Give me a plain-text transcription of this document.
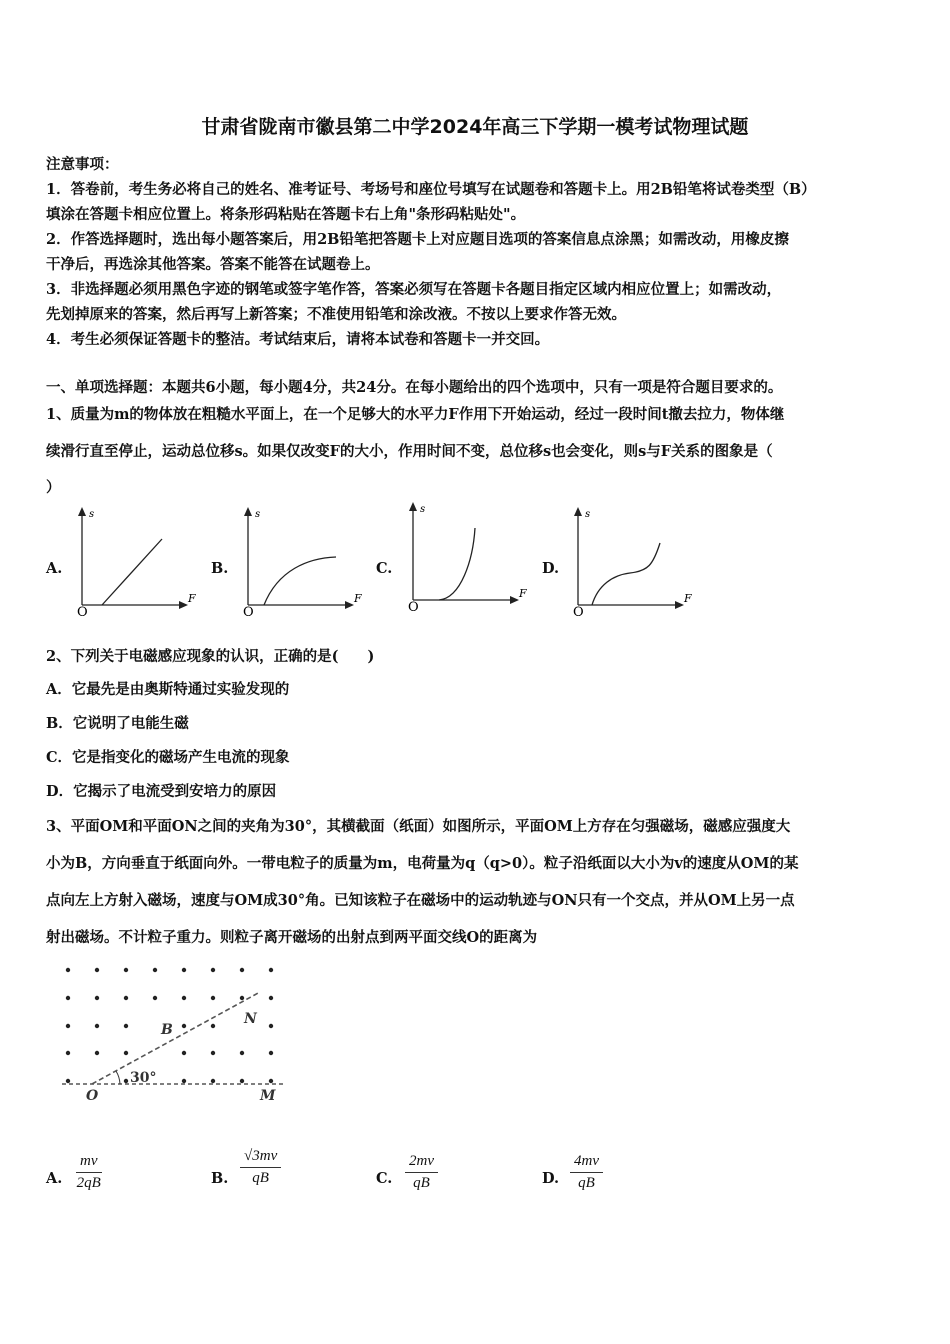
甘肃省陇南市徽县第二中学2024年高三下学期一模考试物理试题
注意事项：
1．答卷前，考生务必将自己的姓名、准考证号、考场号和座位号填写在试题卷和答题卡上。用2B铅笔将试卷类型（B）
填涂在答题卡相应位置上。将条形码粘贴在答题卡右上角"条形码粘贴处"。
2．作答选择题时，选出每小题答案后，用2B铅笔把答题卡上对应题目选项的答案信息点涂黑；如需改动，用橡皮擦
干净后，再选涂其他答案。答案不能答在试题卷上。
3．非选择题必须用黑色字迹的钢笔或签字笔作答，答案必须写在答题卡各题目指定区域内相应位置上；如需改动，
先划掉原来的答案，然后再写上新答案；不准使用铅笔和涂改液。不按以上要求作答无效。
4．考生必须保证答题卡的整洁。考试结束后，请将本试卷和答题卡一并交回。
一、单项选择题：本题共6小题，每小题4分，共24分。在每小题给出的四个选项中，只有一项是符合题目要求的。
1、质量为m的物体放在粗糙水平面上，在一个足够大的水平力F作用下开始运动，经过一段时间t撤去拉力，物体继
续滑行直至停止，运动总位移s。如果仅改变F的大小，作用时间不变，总位移s也会变化，则s与F关系的图象是（
）
A.
s
F
O
B.
s
F
O
C.
s
F
O
D.
s
F
O
2、下列关于电磁感应现象的认识，正确的是(　　)
A．它最先是由奥斯特通过实验发现的
B．它说明了电能生磁
C．它是指变化的磁场产生电流的现象
D．它揭示了电流受到安培力的原因
3、平面OM和平面ON之间的夹角为30°，其横截面（纸面）如图所示，平面OM上方存在匀强磁场，磁感应强度大
小为B，方向垂直于纸面向外。一带电粒子的质量为m，电荷量为q（q>0）。粒子沿纸面以大小为v的速度从OM的某
点向左上方射入磁场，速度与OM成30°角。已知该粒子在磁场中的运动轨迹与ON只有一个交点，并从OM上另一点
射出磁场。不计粒子重力。则粒子离开磁场的出射点到两平面交线O的距离为
B
N
O	M
30°
A. $\frac{mv}{2qB}$	B. $\frac{√3mv}{qB}$	C. $\frac{2mv}{qB}$	D. $\frac{4mv}{qB}$
